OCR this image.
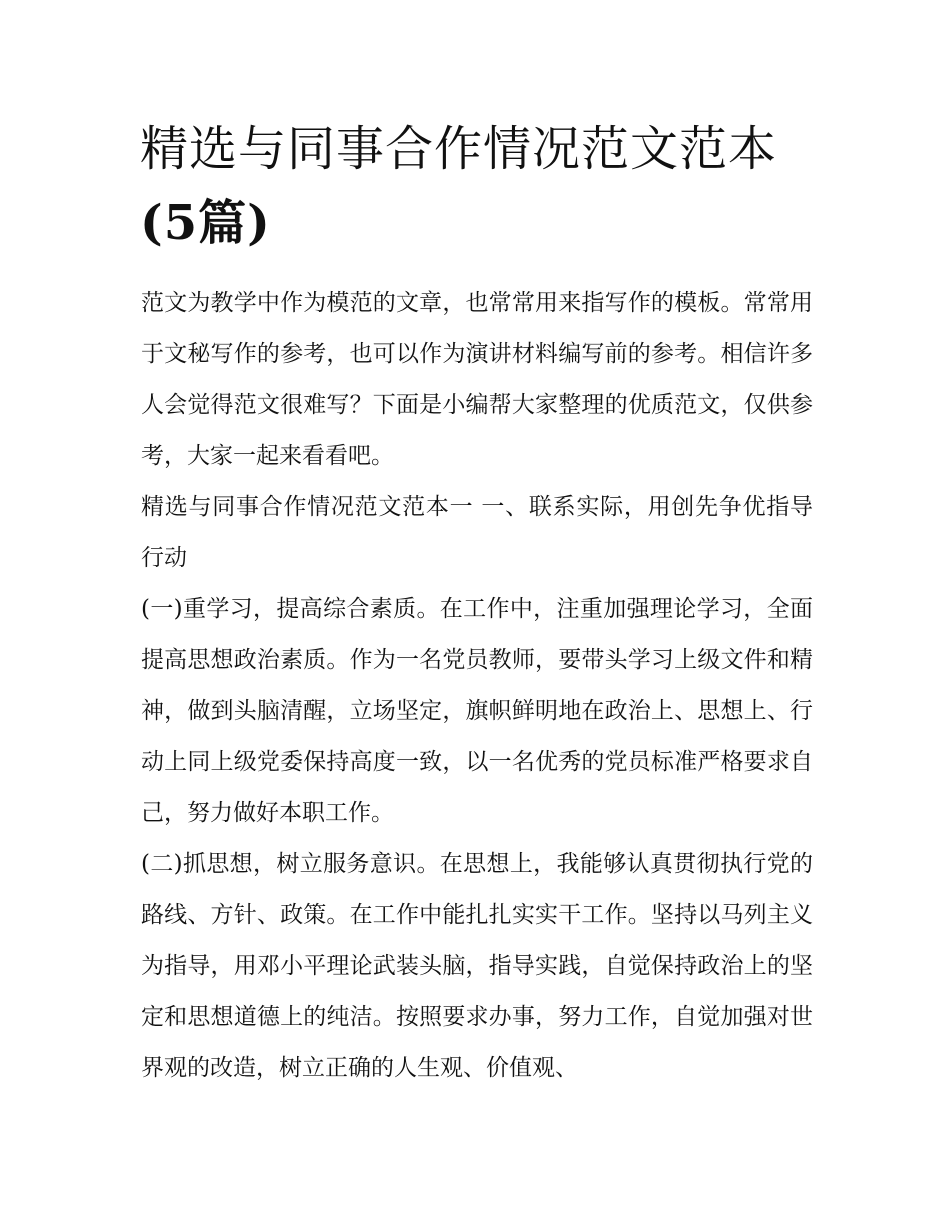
精选与同事合作情况范文范本
(5篇)

范文为教学中作为模范的文章，也常常用来指写作的模板。常常用于文秘写作的参考，也可以作为演讲材料编写前的参考。相信许多人会觉得范文很难写？下面是小编帮大家整理的优质范文，仅供参考，大家一起来看看吧。

精选与同事合作情况范文范本一 一、联系实际，用创先争优指导行动

(一)重学习，提高综合素质。在工作中，注重加强理论学习，全面提高思想政治素质。作为一名党员教师，要带头学习上级文件和精神，做到头脑清醒，立场坚定，旗帜鲜明地在政治上、思想上、行动上同上级党委保持高度一致，以一名优秀的党员标准严格要求自己，努力做好本职工作。

(二)抓思想，树立服务意识。在思想上，我能够认真贯彻执行党的路线、方针、政策。在工作中能扎扎实实干工作。坚持以马列主义为指导，用邓小平理论武装头脑，指导实践，自觉保持政治上的坚定和思想道德上的纯洁。按照要求办事，努力工作，自觉加强对世界观的改造，树立正确的人生观、价值观、
